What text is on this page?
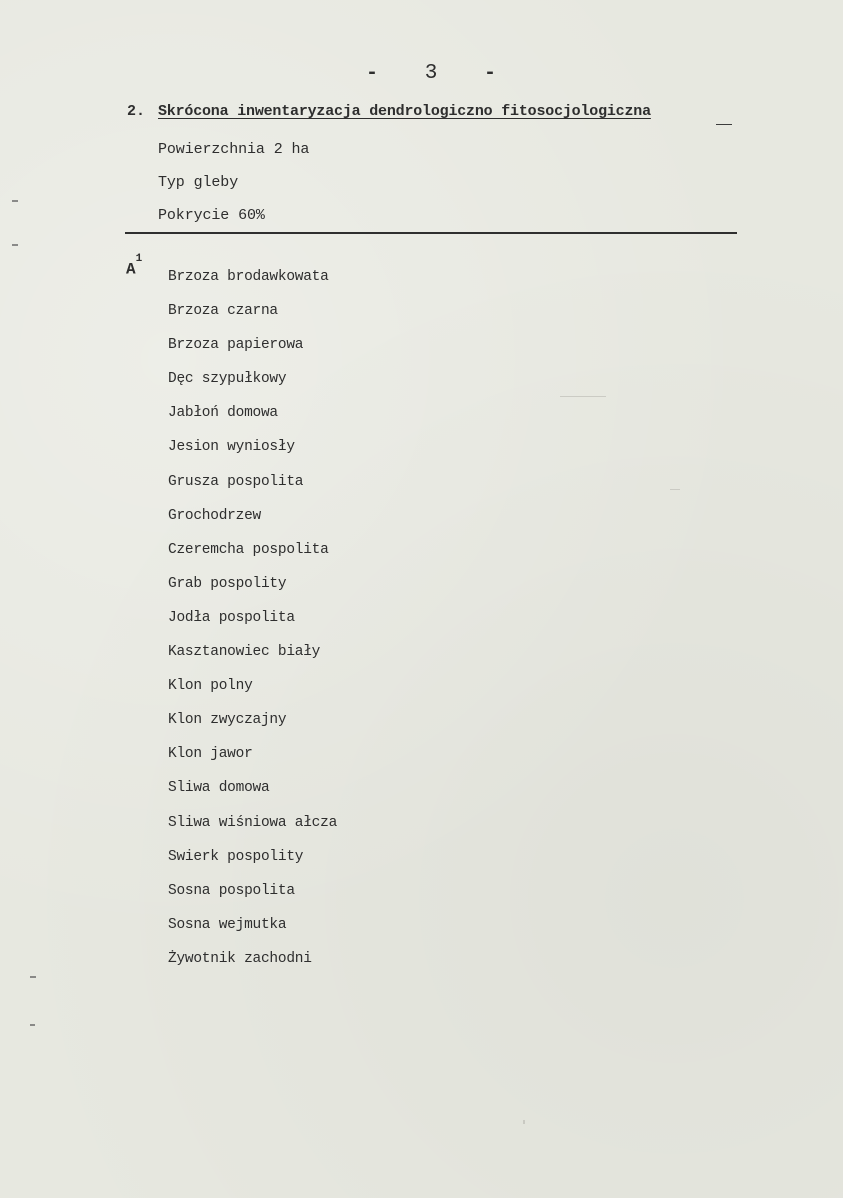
- 3 -
2. Skrócona inwentaryzacja dendrologiczno fitosocjologiczna
Powierzchnia 2 ha
Typ gleby
Pokrycie 60%
$A^1$
Brzoza brodawkowata
Brzoza czarna
Brzoza papierowa
Dęc szypułkowy
Jabłoń domowa
Jesion wyniosły
Grusza pospolita
Grochodrzew
Czeremcha pospolita
Grab pospolity
Jodła pospolita
Kasztanowiec biały
Klon polny
Klon zwyczajny
Klon jawor
Sliwa domowa
Sliwa wiśniowa ałcza
Swierk pospolity
Sosna pospolita
Sosna wejmutka
Żywotnik zachodni
